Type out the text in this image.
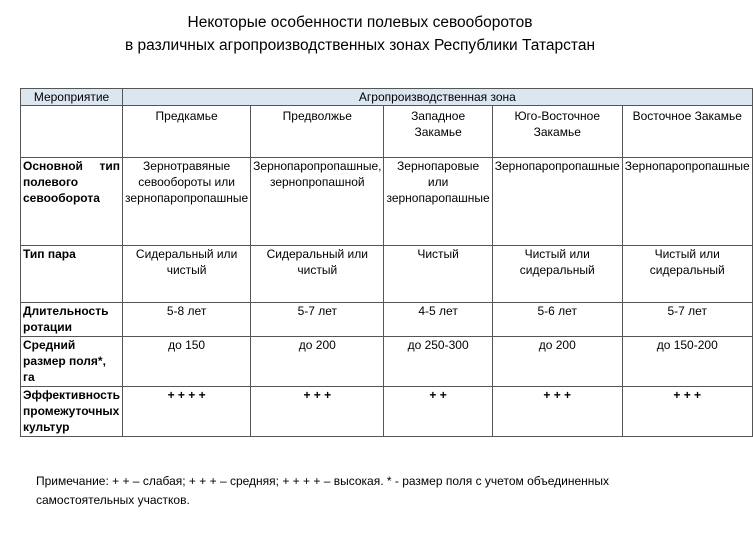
Некоторые особенности полевых севооборотов
в различных агропроизводственных зонах Республики Татарстан
Мероприятие	Агропроизводственная зона				
	Предкамье	Предволжье	Западное Закамье	Юго-Восточное Закамье	Восточное Закамье

Основной тип
полевого севооборота	Зернотравяные севообороты или зернопаропропашные	Зернопаропропашные, зернопропашной	Зернопаровые или зернопаропашные	Зернопаропропашные	Зернопаропропашные
Тип пара	Сидеральный или чистый	Сидеральный или чистый	Чистый	Чистый или сидеральный	Чистый или сидеральный
Длительность ротации	5-8 лет	5-7 лет	4-5 лет	5-6 лет	5-7 лет
Средний размер поля*, га	до 150	до 200	до 250-300	до 200	до 150-200
Эффективность промежуточных культур	+ + + +	+ + +	+ +	+ + +	+ + +
Примечание: + + – слабая; + + + – средняя; + + + + – высокая. * - размер поля с учетом объединенных самостоятельных участков.
